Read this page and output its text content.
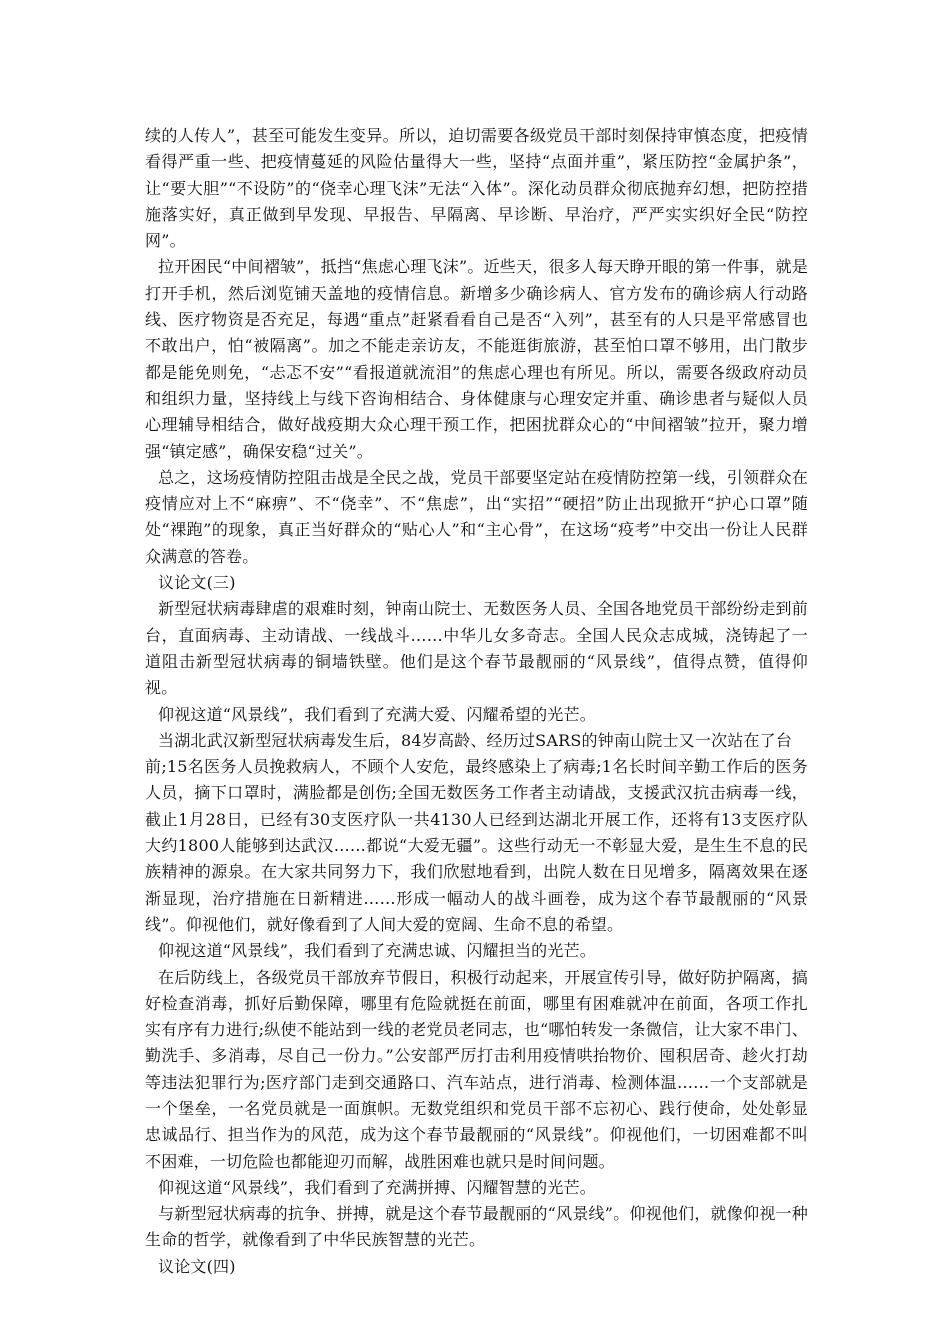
续的人传人”，甚至可能发生变异。所以，迫切需要各级党员干部时刻保持审慎态度，把疫情看得严重一些、把疫情蔓延的风险估量得大一些，坚持“点面并重”，紧压防控“金属护条”，让“要大胆”“不设防”的“侥幸心理飞沫”无法“入体”。深化动员群众彻底抛弃幻想，把防控措施落实好，真正做到早发现、早报告、早隔离、早诊断、早治疗，严严实实织好全民“防控网”。

拉开困民“中间褶皱”，抵挡“焦虑心理飞沫”。近些天，很多人每天睁开眼的第一件事，就是打开手机，然后浏览铺天盖地的疫情信息。新增多少确诊病人、官方发布的确诊病人行动路线、医疗物资是否充足，每遇“重点”赶紧看看自己是否“入列”，甚至有的人只是平常感冒也不敢出户，怕“被隔离”。加之不能走亲访友，不能逛街旅游，甚至怕口罩不够用，出门散步都是能免则免，“忐忑不安”“看报道就流泪”的焦虑心理也有所见。所以，需要各级政府动员和组织力量，坚持线上与线下咨询相结合、身体健康与心理安定并重、确诊患者与疑似人员心理辅导相结合，做好战疫期大众心理干预工作，把困扰群众心的“中间褶皱”拉开，聚力增强“镇定感”，确保安稳“过关”。

总之，这场疫情防控阻击战是全民之战，党员干部要坚定站在疫情防控第一线，引领群众在疫情应对上不“麻痹”、不“侥幸”、不“焦虑”，出“实招”“硬招”防止出现掀开“护心口罩”随处“裸跑”的现象，真正当好群众的“贴心人”和“主心骨”，在这场“疫考”中交出一份让人民群众满意的答卷。

议论文(三)

新型冠状病毒肆虐的艰难时刻，钟南山院士、无数医务人员、全国各地党员干部纷纷走到前台，直面病毒、主动请战、一线战斗……中华儿女多奇志。全国人民众志成城，浇铸起了一道阻击新型冠状病毒的铜墙铁壁。他们是这个春节最靓丽的“风景线”，值得点赞，值得仰视。

仰视这道“风景线”，我们看到了充满大爱、闪耀希望的光芒。

当湖北武汉新型冠状病毒发生后，84岁高龄、经历过SARS的钟南山院士又一次站在了台

前;15名医务人员挽救病人，不顾个人安危，最终感染上了病毒;1名长时间辛勤工作后的医务人员，摘下口罩时，满脸都是创伤;全国无数医务工作者主动请战，支援武汉抗击病毒一线，截止1月28日，已经有30支医疗队一共4130人已经到达湖北开展工作，还将有13支医疗队大约1800人能够到达武汉……都说“大爱无疆”。这些行动无一不彰显大爱，是生生不息的民族精神的源泉。在大家共同努力下，我们欣慰地看到，出院人数在日见增多，隔离效果在逐渐显现，治疗措施在日新精进……形成一幅动人的战斗画卷，成为这个春节最靓丽的“风景线”。仰视他们，就好像看到了人间大爱的宽阔、生命不息的希望。

仰视这道“风景线”，我们看到了充满忠诚、闪耀担当的光芒。

在后防线上，各级党员干部放弃节假日，积极行动起来，开展宣传引导，做好防护隔离，搞好检查消毒，抓好后勤保障，哪里有危险就挺在前面，哪里有困难就冲在前面，各项工作扎实有序有力进行;纵使不能站到一线的老党员老同志，也“哪怕转发一条微信，让大家不串门、勤洗手、多消毒，尽自己一份力。”公安部严厉打击利用疫情哄抬物价、囤积居奇、趁火打劫等违法犯罪行为;医疗部门走到交通路口、汽车站点，进行消毒、检测体温……一个支部就是一个堡垒，一名党员就是一面旗帜。无数党组织和党员干部不忘初心、践行使命，处处彰显忠诚品行、担当作为的风范，成为这个春节最靓丽的“风景线”。仰视他们，一切困难都不叫不困难，一切危险也都能迎刃而解，战胜困难也就只是时间问题。

仰视这道“风景线”，我们看到了充满拼搏、闪耀智慧的光芒。

与新型冠状病毒的抗争、拼搏，就是这个春节最靓丽的“风景线”。仰视他们，就像仰视一种生命的哲学，就像看到了中华民族智慧的光芒。

议论文(四)
